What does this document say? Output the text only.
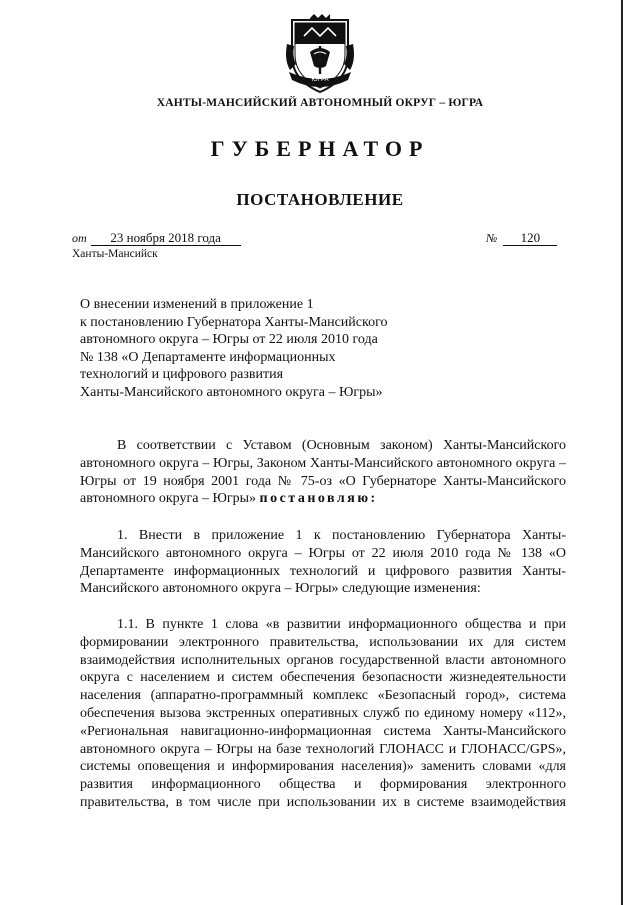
ЮГРА
ХАНТЫ-МАНСИЙСКИЙ АВТОНОМНЫЙ ОКРУГ – ЮГРА
ГУБЕРНАТОР
ПОСТАНОВЛЕНИЕ
от 23 ноября 2018 года	№ 120
Ханты-Мансийск
О внесении изменений в приложение 1
к постановлению Губернатора Ханты-Мансийского
автономного округа – Югры от 22 июля 2010 года
№ 138 «О Департаменте информационных
технологий и цифрового развития
Ханты-Мансийского автономного округа – Югры»
В соответствии с Уставом (Основным законом) Ханты-Мансийского автономного округа – Югры, Законом Ханты-Мансийского автономного округа – Югры от 19 ноября 2001 года № 75-оз «О Губернаторе Ханты-Мансийского автономного округа – Югры» постановляю:
1. Внести в приложение 1 к постановлению Губернатора Ханты-Мансийского автономного округа – Югры от 22 июля 2010 года № 138 «О Департаменте информационных технологий и цифрового развития Ханты-Мансийского автономного округа – Югры» следующие изменения:
1.1. В пункте 1 слова «в развитии информационного общества и при формировании электронного правительства, использовании их для систем взаимодействия исполнительных органов государственной власти автономного округа с населением и систем обеспечения безопасности жизнедеятельности населения (аппаратно-программный комплекс «Безопасный город», система обеспечения вызова экстренных оперативных служб по единому номеру «112», «Региональная навигационно-информационная система Ханты-Мансийского автономного округа – Югры на базе технологий ГЛОНАСС и ГЛОНАСС/GPS», системы оповещения и информирования населения)» заменить словами «для развития информационного общества и формирования электронного правительства, в том числе при использовании их в системе взаимодействия
